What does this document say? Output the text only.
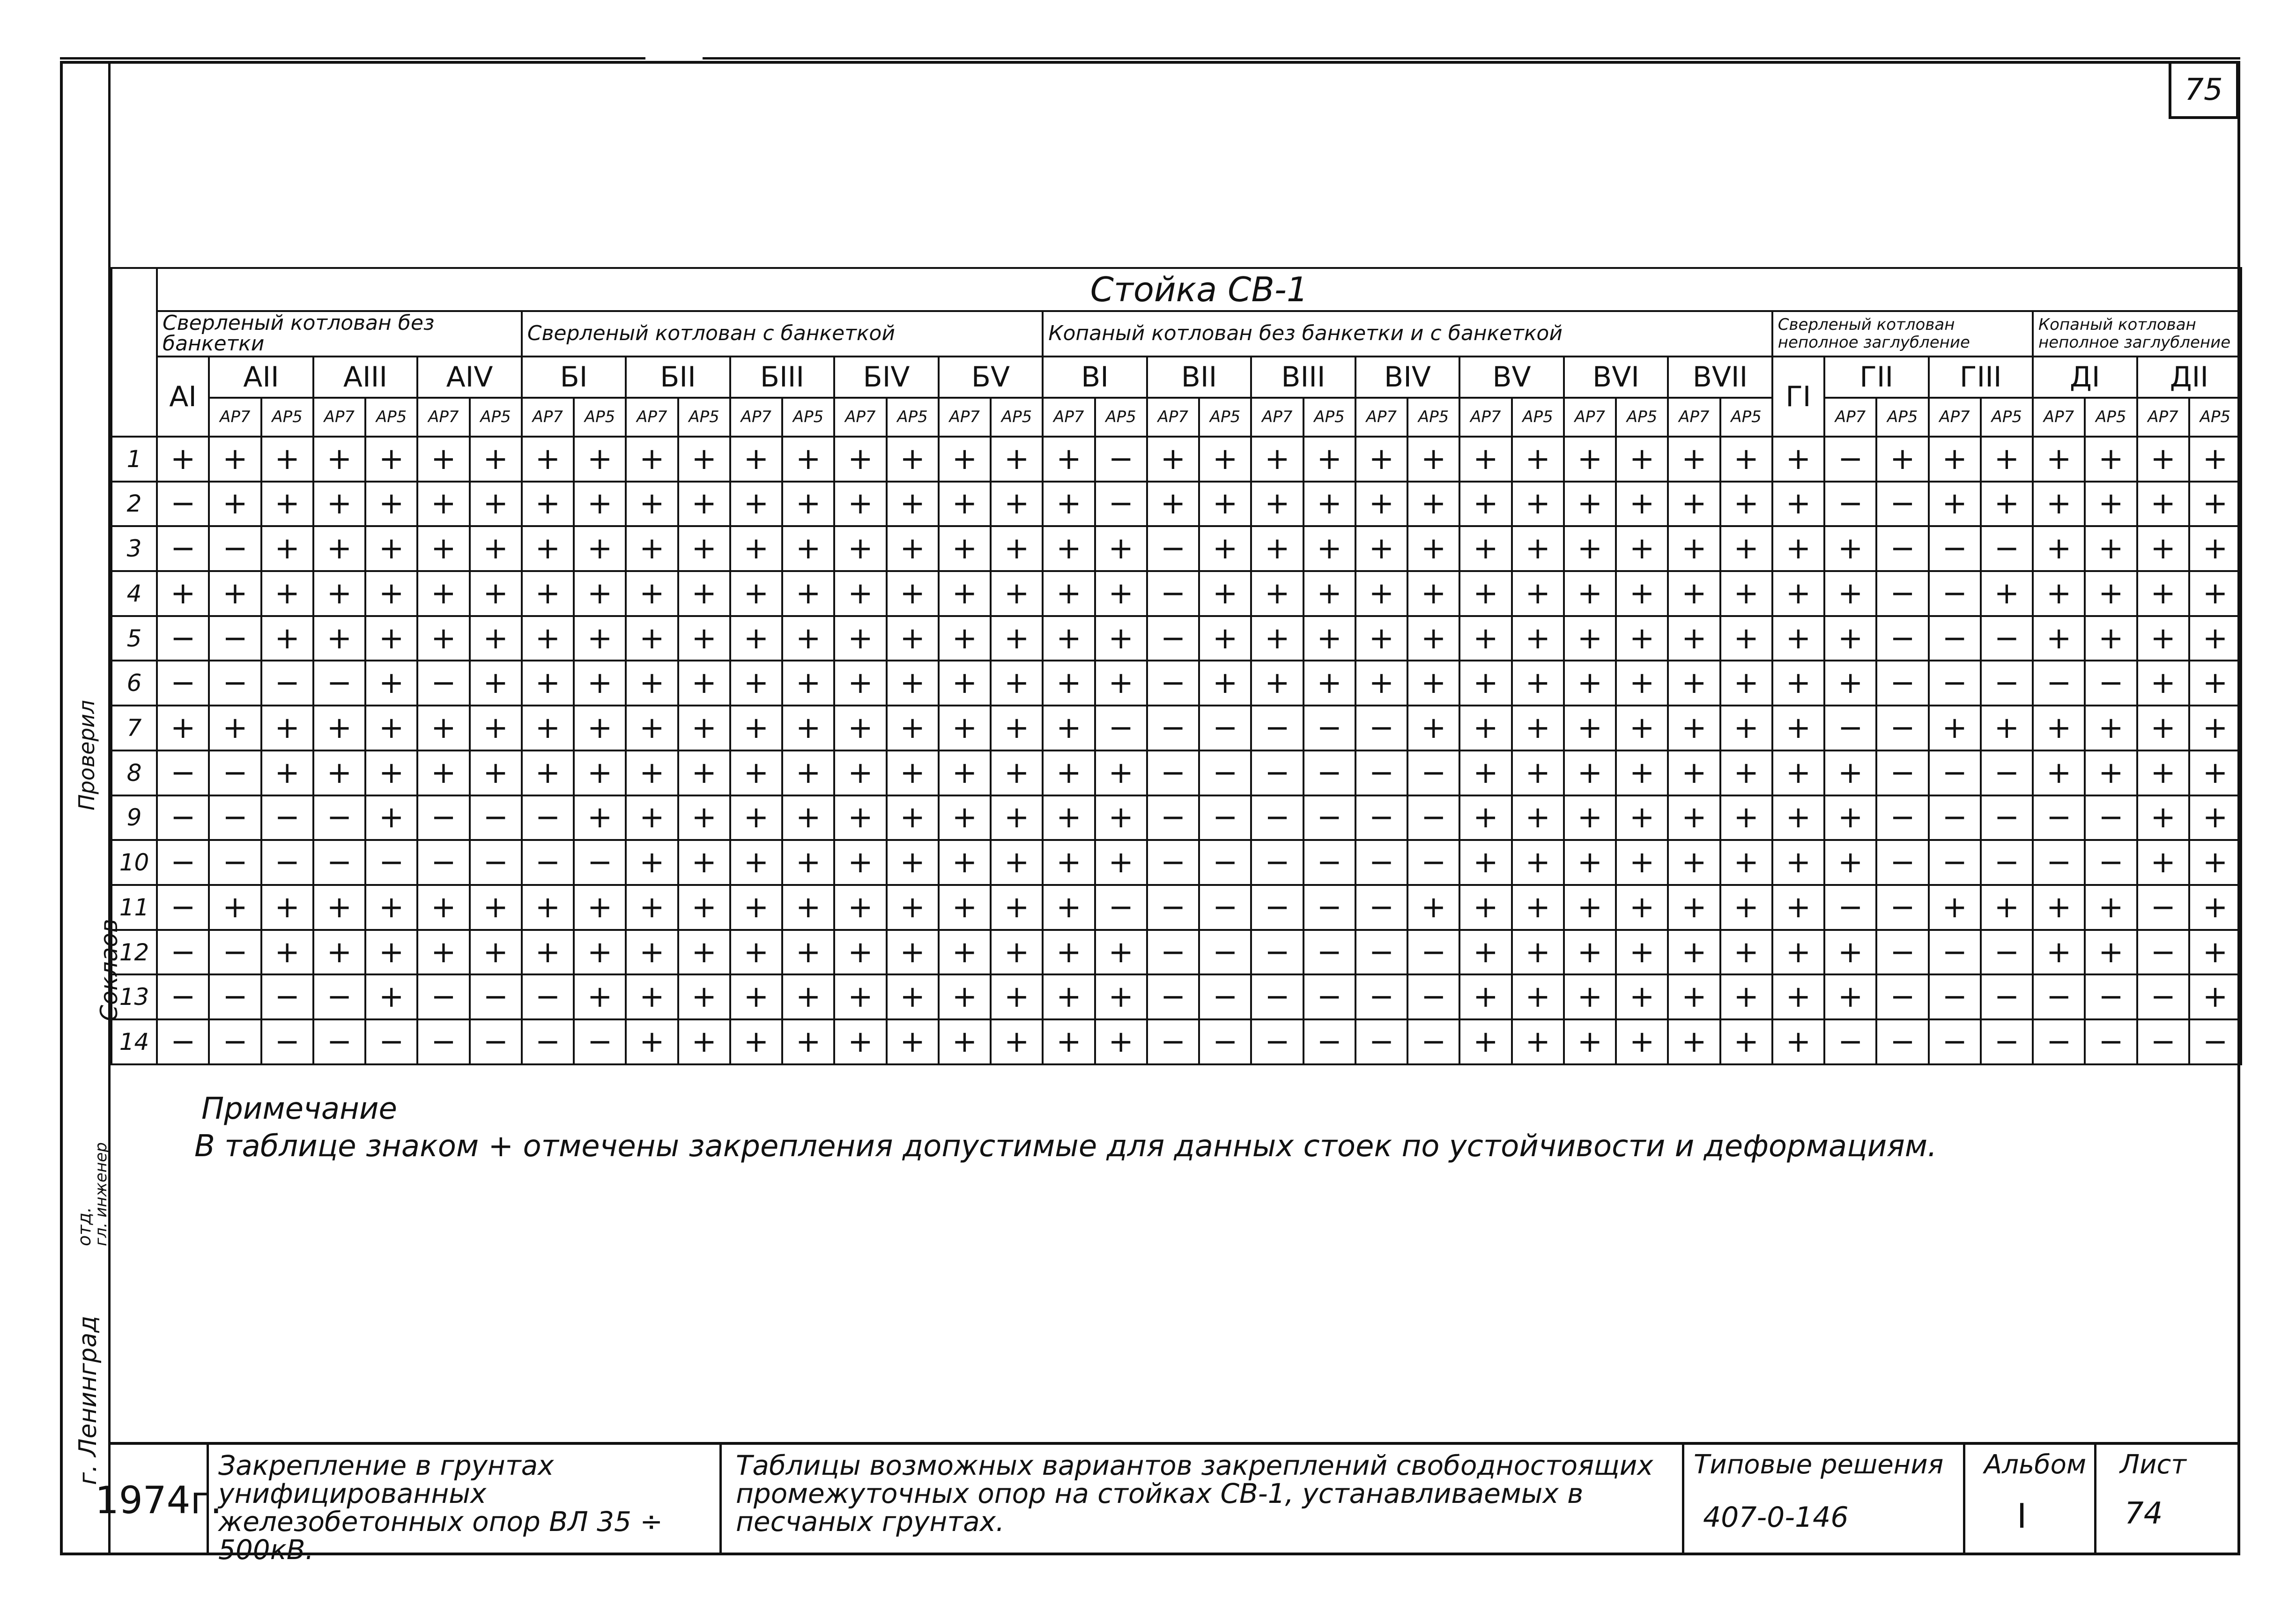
г. Ленинград
отд.
гл. инженер
Соклаов
Проверил
75
	Стойка СВ-1																																							
	Сверленый котлован без банкетки							Сверленый котлован с банкеткой										Копаный котлован без банкетки и с банкеткой														Сверленый котлован неполное заглубление					Копаный котлован неполное заглубление			
	АI	АII		АIII		АIV		БI		БII		БIII		БIV		БV		ВI		ВII		ВIII		ВIV		ВV		ВVI		ВVII		ГI	ГII		ГIII		ДI		ДII	
		АР7	АР5	АР7	АР5	АР7	АР5	АР7	АР5	АР7	АР5	АР7	АР5	АР7	АР5	АР7	АР5	АР7	АР5	АР7	АР5	АР7	АР5	АР7	АР5	АР7	АР5	АР7	АР5	АР7	АР5		АР7	АР5	АР7	АР5	АР7	АР5	АР7	АР5
1	+	+	+	+	+	+	+	+	+	+	+	+	+	+	+	+	+	+	−	+	+	+	+	+	+	+	+	+	+	+	+	+	−	+	+	+	+	+	+	+
2	−	+	+	+	+	+	+	+	+	+	+	+	+	+	+	+	+	+	−	+	+	+	+	+	+	+	+	+	+	+	+	+	−	−	+	+	+	+	+	+
3	−	−	+	+	+	+	+	+	+	+	+	+	+	+	+	+	+	+	+	−	+	+	+	+	+	+	+	+	+	+	+	+	+	−	−	−	+	+	+	+
4	+	+	+	+	+	+	+	+	+	+	+	+	+	+	+	+	+	+	+	−	+	+	+	+	+	+	+	+	+	+	+	+	+	−	−	+	+	+	+	+
5	−	−	+	+	+	+	+	+	+	+	+	+	+	+	+	+	+	+	+	−	+	+	+	+	+	+	+	+	+	+	+	+	+	−	−	−	+	+	+	+
6	−	−	−	−	+	−	+	+	+	+	+	+	+	+	+	+	+	+	+	−	+	+	+	+	+	+	+	+	+	+	+	+	+	−	−	−	−	−	+	+
7	+	+	+	+	+	+	+	+	+	+	+	+	+	+	+	+	+	+	−	−	−	−	−	−	+	+	+	+	+	+	+	+	−	−	+	+	+	+	+	+
8	−	−	+	+	+	+	+	+	+	+	+	+	+	+	+	+	+	+	+	−	−	−	−	−	−	+	+	+	+	+	+	+	+	−	−	−	+	+	+	+
9	−	−	−	−	+	−	−	−	+	+	+	+	+	+	+	+	+	+	+	−	−	−	−	−	−	+	+	+	+	+	+	+	+	−	−	−	−	−	+	+
10	−	−	−	−	−	−	−	−	−	+	+	+	+	+	+	+	+	+	+	−	−	−	−	−	−	+	+	+	+	+	+	+	+	−	−	−	−	−	+	+
11	−	+	+	+	+	+	+	+	+	+	+	+	+	+	+	+	+	+	−	−	−	−	−	−	+	+	+	+	+	+	+	+	−	−	+	+	+	+	−	+
12	−	−	+	+	+	+	+	+	+	+	+	+	+	+	+	+	+	+	+	−	−	−	−	−	−	+	+	+	+	+	+	+	+	−	−	−	+	+	−	+
13	−	−	−	−	+	−	−	−	+	+	+	+	+	+	+	+	+	+	+	−	−	−	−	−	−	+	+	+	+	+	+	+	+	−	−	−	−	−	−	+
14	−	−	−	−	−	−	−	−	−	+	+	+	+	+	+	+	+	+	+	−	−	−	−	−	−	+	+	+	+	+	+	+	−	−	−	−	−	−	−	−
Примечание
В таблице знаком + отмечены закрепления допустимые для данных стоек по устойчивости и деформациям.
1974г.
Закрепление в грунтах унифицированных железобетонных опор ВЛ 35 ÷ 500кВ.
Таблицы возможных вариантов закреплений свободностоящих промежуточных опор на стойках СВ-1, устанавливаемых в песчаных грунтах.
Типовые решения
407-0-146
Альбом
I
Лист
74
